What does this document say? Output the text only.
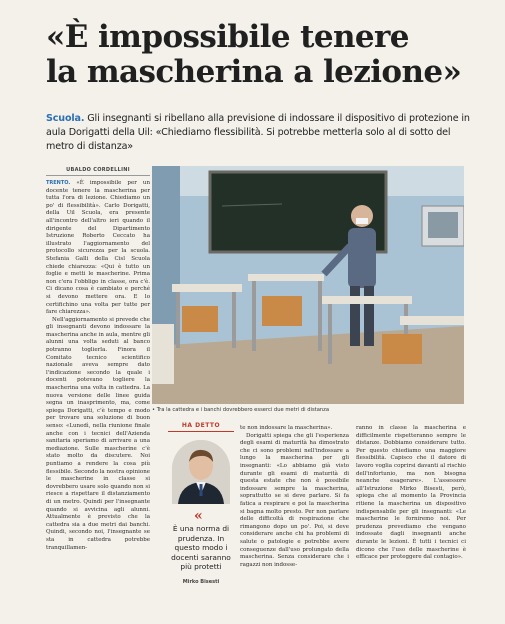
«È impossibile tenere
la mascherina a lezione»
Scuola. Gli insegnanti si ribellano alla previsione di indossare il dispositivo di protezione in aula Dorigatti della Uil: «Chiediamo flessibilità. Si potrebbe metterla solo al di sotto del metro di distanza»
UBALDO CORDELLINI

TRENTO. «È impossibile per un docente tenere la mascherina per tutta l'ora di lezione. Chiediamo un po' di flessibilità». Carlo Dorigatti, della Uil Scuola, era presente all'incontro dell'altro ieri quando il dirigente del Dipartimento Istruzione Roberto Ceccato ha illustrato l'aggiornamento del protocollo sicurezza per la scuola. Stefania Galli della Cisl Scuola chiede chiarezza: «Qui è tutto un foglie e metti le mascherine. Prima non c'era l'obbligo in classe, ora c'è. Ci dicano cosa è cambiato e perché si devono mettere ora. E lo certifichino una volta per tutte per fare chiarezza».

Nell'aggiornamento si prevede che gli insegnanti devono indossare la mascherina anche in aula, mentre gli alunni una volta seduti al banco potranno toglierla. Finora il Comitato tecnico scientifico nazionale aveva sempre dato l'indicazione secondo la quale i docenti potevano togliere la mascherina una volta in cattedra. La nuova versione delle linee guida segna un inasprimento, ma, come spiega Dorigatti, c'è tempo e modo per trovare una soluzione di buon senso: «Lunedì, nella riunione finale anche con i tecnici dell'Azienda sanitaria speriamo di arrivare a una mediazione. Sulle mascherine c'è stato molto da discutere. Noi puntiamo a rendere la cosa più flessibile. Secondo la nostra opinione le mascherine in classe si dovrebbero usare solo quando non si riesce a rispettare il distanziamento di un metro. Quindi per l'insegnante quando si avvicina agli alunni. Attualmente è previsto che la cattedra sia a due metri dai banchi. Quindi, secondo noi, l'insegnante se sta in cattedra potrebbe tranquillamen-

• Tra la cattedra e i banchi dovrebbero esserci due metri di distanza
HA DETTO
«
È una norma di prudenza. In questo modo i docenti saranno più protetti
Mirko Bisesti

te non indossare la mascherina».

Dorigatti spiega che gli l'esperienza degli esami di maturità ha dimostrato che ci sono problemi nell'indossare a lungo la mascherina per gli insegnanti: «Lo abbiamo già visto durante gli esami di maturità di questa estate che non è possibile indossare sempre la mascherina, soprattutto se si deve parlare. Si fa fatica a respirare e poi la mascherina si bagna molto presto. Per non parlare delle difficoltà di respirazione che rimangono dopo un po'. Poi, si deve considerare anche chi ha problemi di salute o patologie e potrebbe avere conseguenze dall'uso prolungato della mascherina. Senza considerare che i ragazzi non indosse-

ranno in classe la mascherina e difficilmente rispetteranno sempre le distanze. Dobbiamo considerare tutto. Per questo chiediamo una maggiore flessibilità. Capisco che il datore di lavoro voglia coprirsi davanti al rischio dell'infortunio, ma non bisogna neanche esagerare». L'assessore all'Istruzione Mirko Bisesti, però, spiega che al momento la Provincia ritiene la mascherina un dispositivo indispensabile per gli insegnanti: «Le mascherine le forniremo noi. Per prudenza prevediamo che vengano indossate dagli insegnanti anche durante le lezioni. È tutti i tecnici ci dicono che l'uso delle mascherine è efficace per proteggere dal contagio».
